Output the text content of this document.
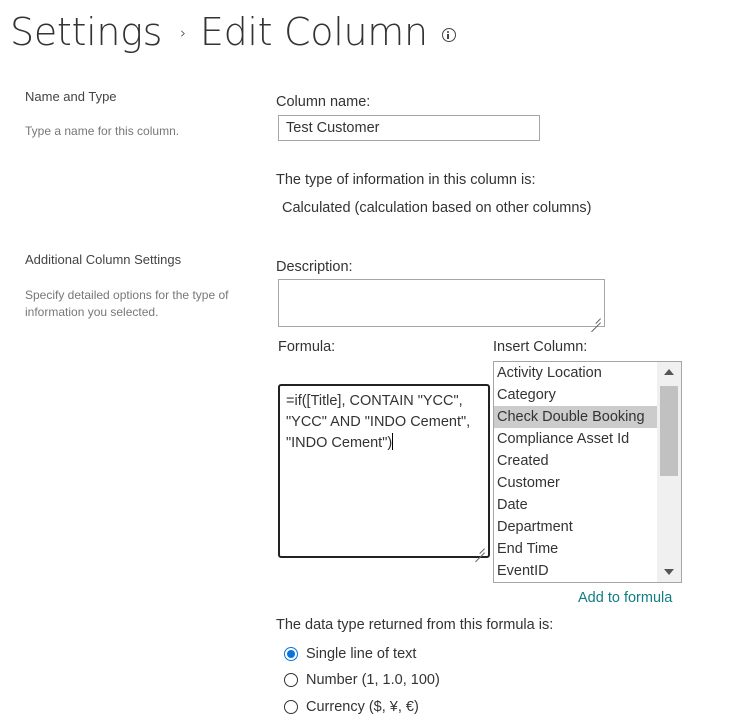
Settings › Edit Column
Name and Type
Type a name for this column.
Column name:
Test Customer
The type of information in this column is:
Calculated (calculation based on other columns)
Additional Column Settings
Specify detailed options for the type of information you selected.
Description:
Formula:
=if([Title], CONTAIN "YCC", "YCC" AND "INDO Cement", "INDO Cement")
Insert Column:
Activity Location
Category
Check Double Booking
Compliance Asset Id
Created
Customer
Date
Department
End Time
EventID
Add to formula
The data type returned from this formula is:
Single line of text
Number (1, 1.0, 100)
Currency ($, ¥, €)
